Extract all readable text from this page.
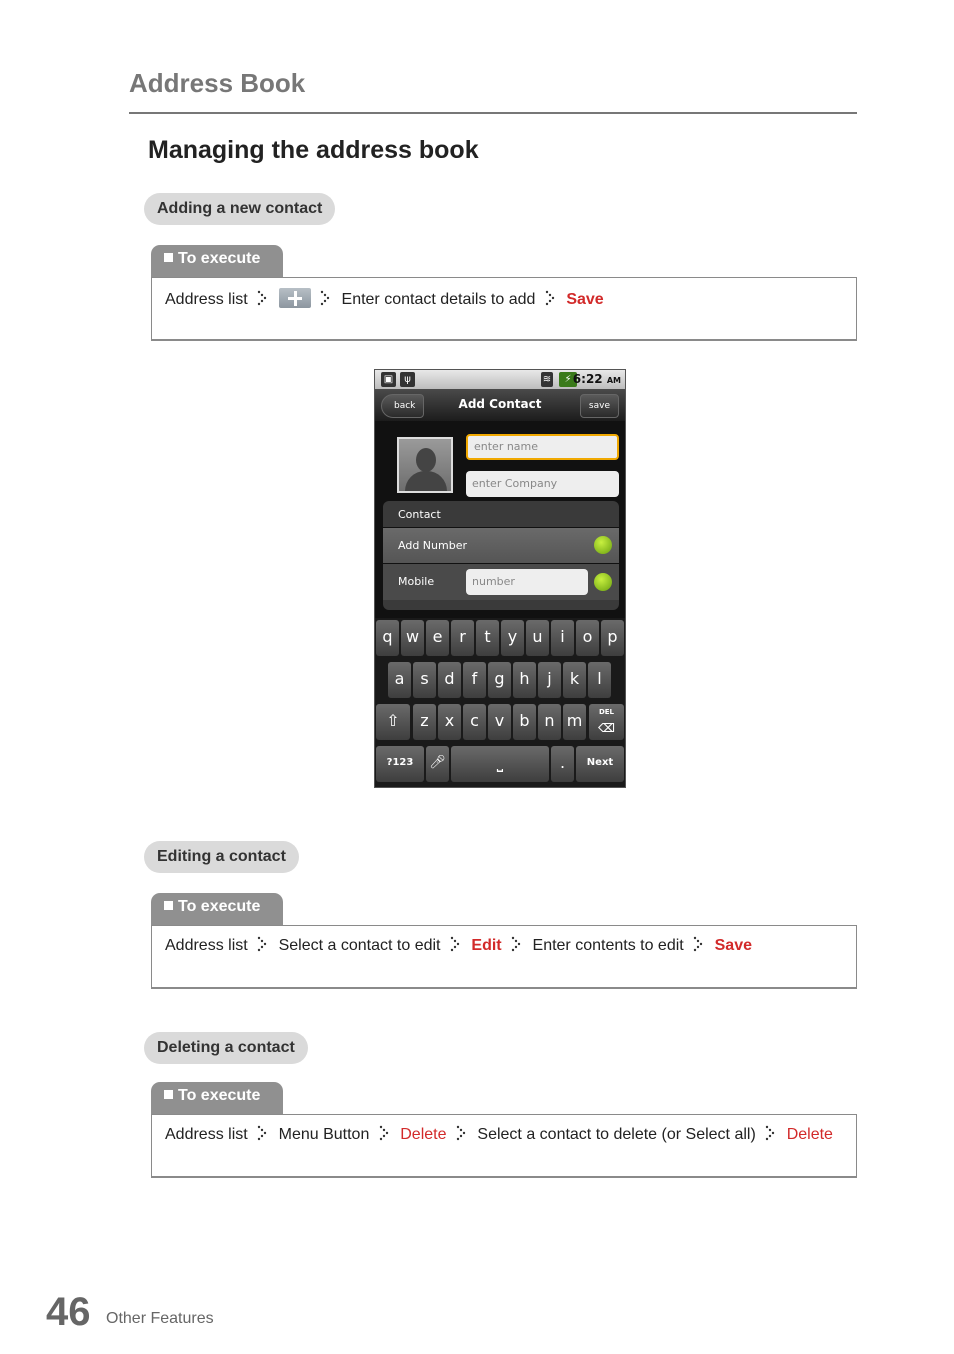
Address Book
Managing the address book
Adding a new contact
To execute
Address list	Enter contact details to add Save
▣	ψ	≋	⚡ 6:22 AM
back	Add Contact	save
enter name
enter Company
Contact
Add Number
Mobile	number
q w e	r	t	y u	i	o p
a s d	f	g h	j	k	l
⇧	z	x c v b n m	DEL
⌫
?123	🎤︎	⎵	.	Next
Editing a contact
To execute
Address list Select a contact to edit Edit Enter contents to edit Save
Deleting a contact
To execute
Address list Menu Button Delete Select a contact to delete (or Select all) Delete
46 Other Features
